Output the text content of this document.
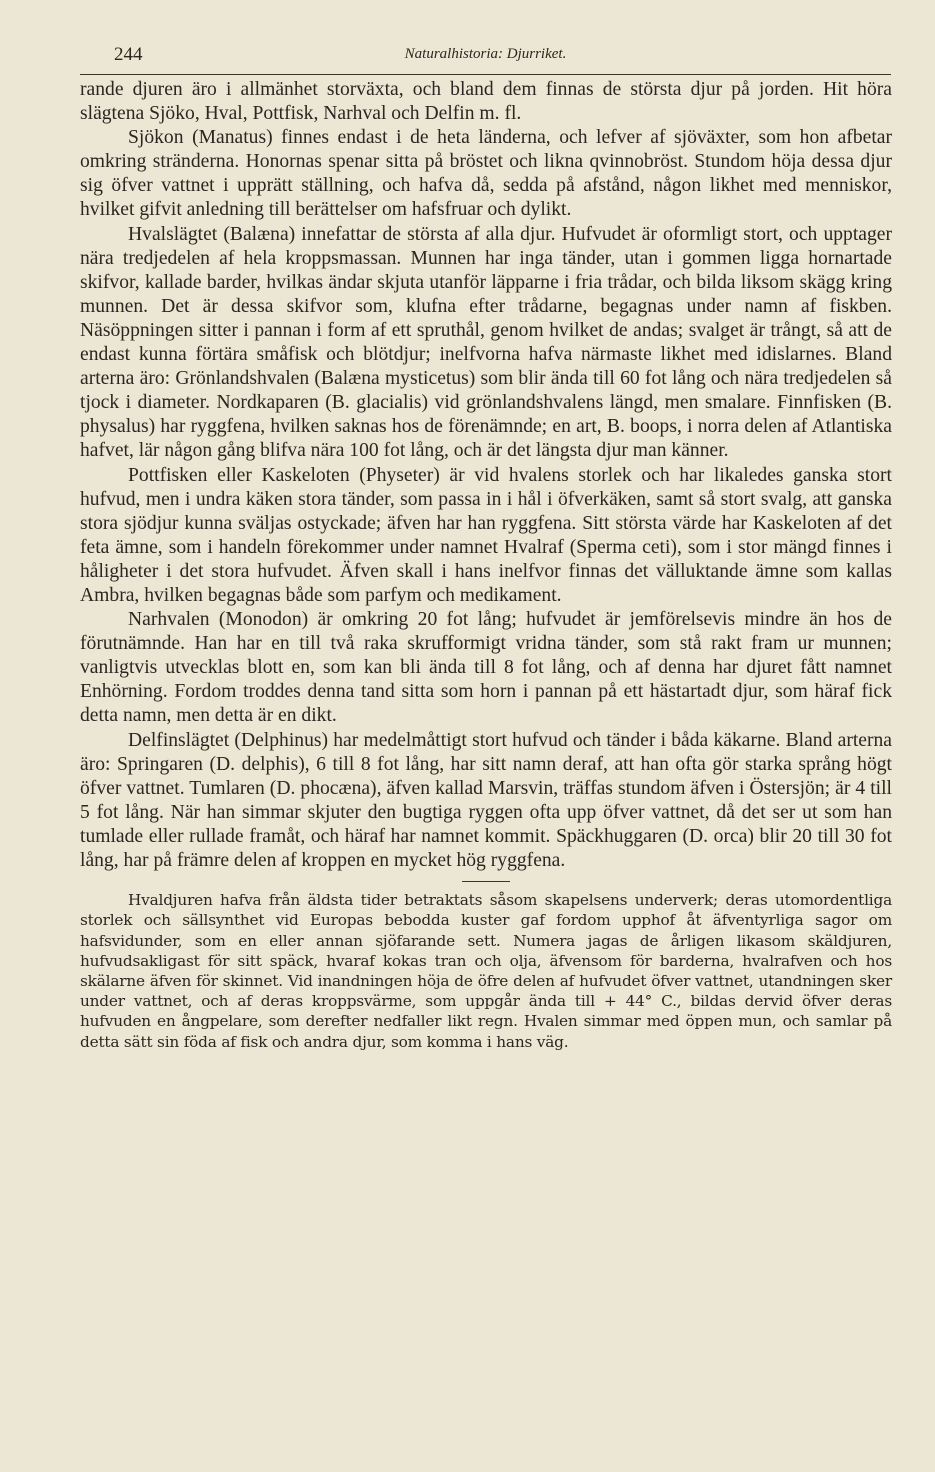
244	Naturalhistoria: Djurriket.

rande djuren äro i allmänhet storväxta, och bland dem finnas de största djur på jorden. Hit höra slägtena Sjöko, Hval, Pottfisk, Narhval och Delfin m. fl.

Sjökon (Manatus) finnes endast i de heta länderna, och lefver af sjöväxter, som hon afbetar omkring stränderna. Honornas spenar sitta på bröstet och likna qvinnobröst. Stundom höja dessa djur sig öfver vattnet i upprätt ställning, och hafva då, sedda på afstånd, någon likhet med menniskor, hvilket gifvit anledning till berättelser om hafsfruar och dylikt.

Hvalslägtet (Balæna) innefattar de största af alla djur. Hufvudet är oformligt stort, och upptager nära tredjedelen af hela kroppsmassan. Munnen har inga tänder, utan i gommen ligga hornartade skifvor, kallade barder, hvilkas ändar skjuta utanför läpparne i fria trådar, och bilda liksom skägg kring munnen. Det är dessa skifvor som, klufna efter trådarne, begagnas under namn af fiskben. Näsöppningen sitter i pannan i form af ett spruthål, genom hvilket de andas; svalget är trångt, så att de endast kunna förtära småfisk och blötdjur; inelfvorna hafva närmaste likhet med idislarnes. Bland arterna äro: Grönlandshvalen (Balæna mysticetus) som blir ända till 60 fot lång och nära tredjedelen så tjock i diameter. Nordkaparen (B. glacialis) vid grönlandshvalens längd, men smalare. Finnfisken (B. physalus) har ryggfena, hvilken saknas hos de förenämnde; en art, B. boops, i norra delen af Atlantiska hafvet, lär någon gång blifva nära 100 fot lång, och är det längsta djur man känner.

Pottfisken eller Kaskeloten (Physeter) är vid hvalens storlek och har likaledes ganska stort hufvud, men i undra käken stora tänder, som passa in i hål i öfverkäken, samt så stort svalg, att ganska stora sjödjur kunna sväljas ostyckade; äfven har han ryggfena. Sitt största värde har Kaskeloten af det feta ämne, som i handeln förekommer under namnet Hvalraf (Sperma ceti), som i stor mängd finnes i håligheter i det stora hufvudet. Äfven skall i hans inelfvor finnas det välluktande ämne som kallas Ambra, hvilken begagnas både som parfym och medikament.

Narhvalen (Monodon) är omkring 20 fot lång; hufvudet är jemförelsevis mindre än hos de förutnämnde. Han har en till två raka skrufformigt vridna tänder, som stå rakt fram ur munnen; vanligtvis utvecklas blott en, som kan bli ända till 8 fot lång, och af denna har djuret fått namnet Enhörning. Fordom troddes denna tand sitta som horn i pannan på ett hästartadt djur, som häraf fick detta namn, men detta är en dikt.

Delfinslägtet (Delphinus) har medelmåttigt stort hufvud och tänder i båda käkarne. Bland arterna äro: Springaren (D. delphis), 6 till 8 fot lång, har sitt namn deraf, att han ofta gör starka språng högt öfver vattnet. Tumlaren (D. phocæna), äfven kallad Marsvin, träffas stundom äfven i Östersjön; är 4 till 5 fot lång. När han simmar skjuter den bugtiga ryggen ofta upp öfver vattnet, då det ser ut som han tumlade eller rullade framåt, och häraf har namnet kommit. Späckhuggaren (D. orca) blir 20 till 30 fot lång, har på främre delen af kroppen en mycket hög ryggfena.

Hvaldjuren hafva från äldsta tider betraktats såsom skapelsens underverk; deras utomordentliga storlek och sällsynthet vid Europas bebodda kuster gaf fordom upphof åt äfventyrliga sagor om hafsvidunder, som en eller annan sjöfarande sett. Numera jagas de årligen likasom skäldjuren, hufvudsakligast för sitt späck, hvaraf kokas tran och olja, äfvensom för barderna, hvalrafven och hos skälarne äfven för skinnet. Vid inandningen höja de öfre delen af hufvudet öfver vattnet, utandningen sker under vattnet, och af deras kroppsvärme, som uppgår ända till + 44° C., bildas dervid öfver deras hufvuden en ångpelare, som derefter nedfaller likt regn. Hvalen simmar med öppen mun, och samlar på detta sätt sin föda af fisk och andra djur, som komma i hans väg.
